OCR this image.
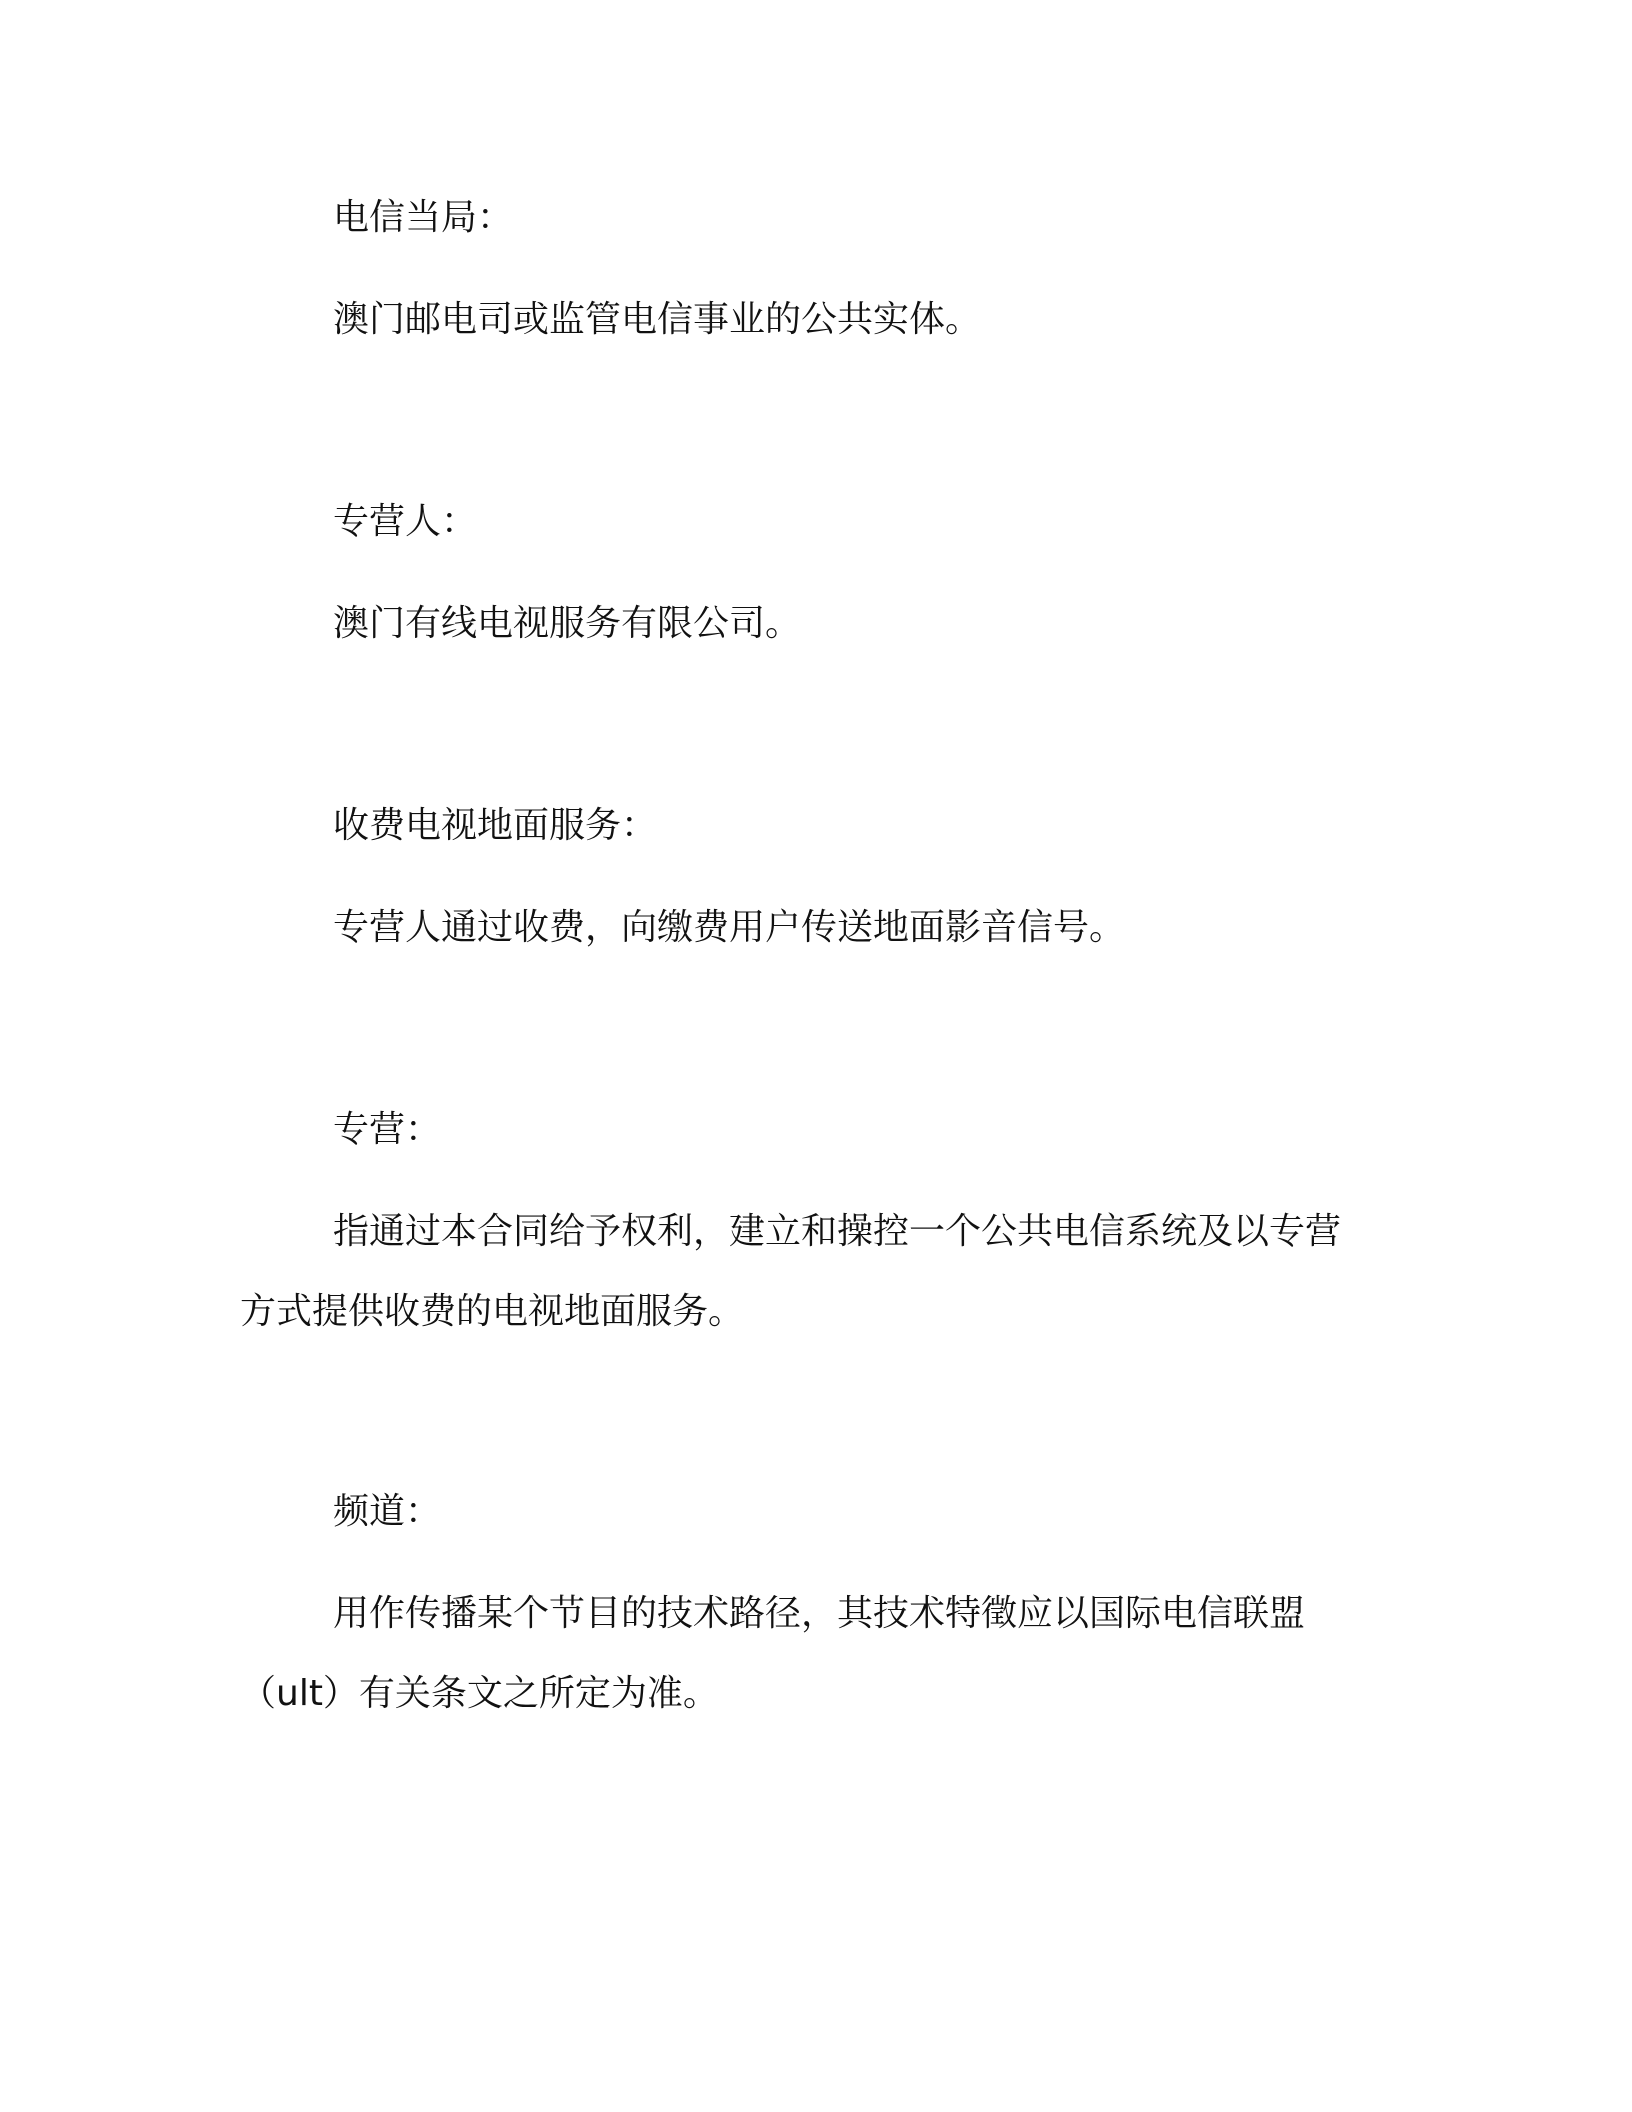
电信当局：

澳门邮电司或监管电信事业的公共实体。

专营人：

澳门有线电视服务有限公司。

收费电视地面服务：

专营人通过收费，向缴费用户传送地面影音信号。

专营：

指通过本合同给予权利，建立和操控一个公共电信系统及以专营

方式提供收费的电视地面服务。

频道：

用作传播某个节目的技术路径，其技术特徵应以国际电信联盟

（ult）有关条文之所定为准。
